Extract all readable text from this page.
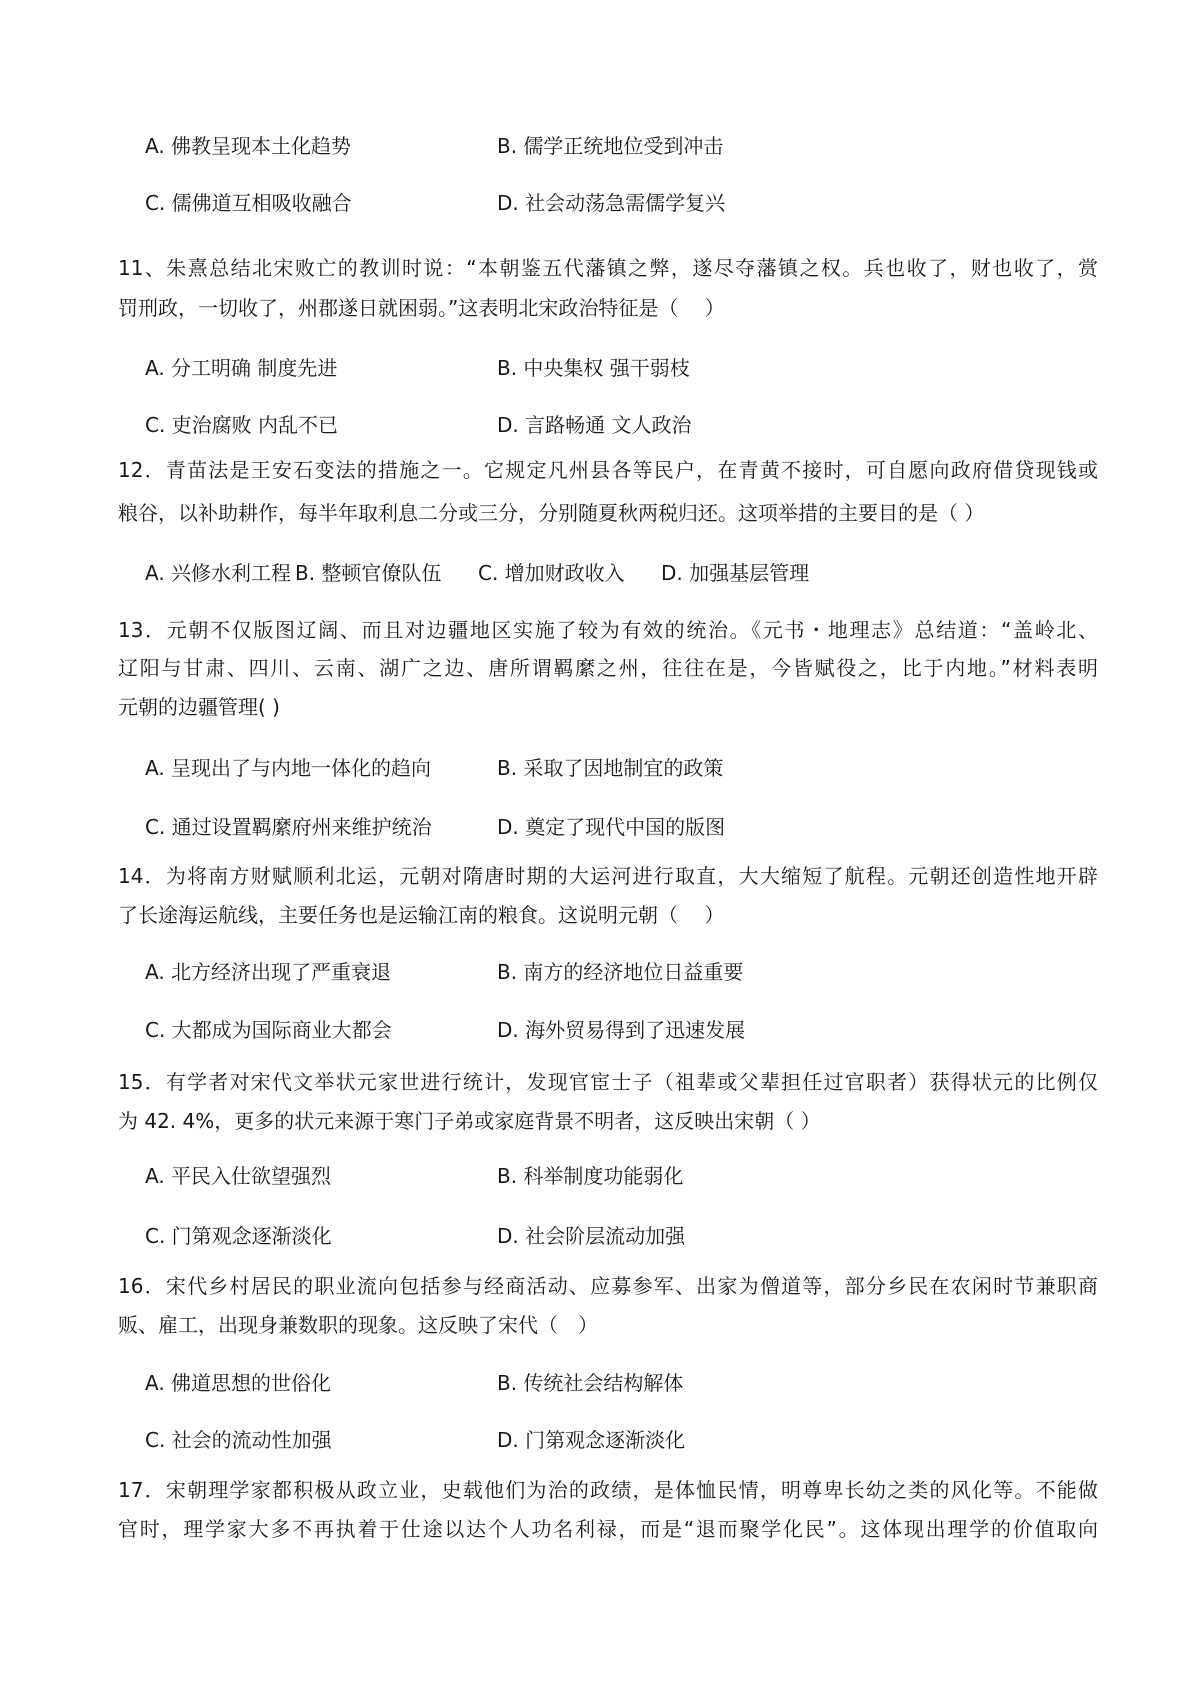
A. 佛教呈现本土化趋势	B. 儒学正统地位受到冲击
C. 儒佛道互相吸收融合	D. 社会动荡急需儒学复兴
11、朱熹总结北宋败亡的教训时说：“本朝鉴五代藩镇之弊，遂尽夺藩镇之权。兵也收了，财也收了，赏
罚刑政，一切收了，州郡遂日就困弱。”这表明北宋政治特征是（　 ）
A. 分工明确 制度先进	B. 中央集权 强干弱枝
C. 吏治腐败 内乱不已	D. 言路畅通 文人政治
12．青苗法是王安石变法的措施之一。它规定凡州县各等民户，在青黄不接时，可自愿向政府借贷现钱或
粮谷，以补助耕作，每半年取利息二分或三分，分别随夏秋两税归还。这项举措的主要目的是（ ）
A. 兴修水利工程 B. 整顿官僚队伍 C. 增加财政收入 D. 加强基层管理
13．元朝不仅版图辽阔、而且对边疆地区实施了较为有效的统治。《元书・地理志》总结道：“盖岭北、
辽阳与甘肃、四川、云南、湖广之边、唐所谓羁縻之州，往往在是，今皆赋役之，比于内地。”材料表明
元朝的边疆管理( )
A. 呈现出了与内地一体化的趋向	B. 采取了因地制宜的政策
C. 通过设置羁縻府州来维护统治	D. 奠定了现代中国的版图
14．为将南方财赋顺利北运，元朝对隋唐时期的大运河进行取直，大大缩短了航程。元朝还创造性地开辟
了长途海运航线，主要任务也是运输江南的粮食。这说明元朝（　 ）
A. 北方经济出现了严重衰退	B. 南方的经济地位日益重要
C. 大都成为国际商业大都会	D. 海外贸易得到了迅速发展
15．有学者对宋代文举状元家世进行统计，发现官宦士子（祖辈或父辈担任过官职者）获得状元的比例仅
为 42. 4%，更多的状元来源于寒门子弟或家庭背景不明者，这反映出宋朝（ ）
A. 平民入仕欲望强烈	B. 科举制度功能弱化
C. 门第观念逐渐淡化	D. 社会阶层流动加强
16．宋代乡村居民的职业流向包括参与经商活动、应募参军、出家为僧道等，部分乡民在农闲时节兼职商
贩、雇工，出现身兼数职的现象。这反映了宋代（　）
A. 佛道思想的世俗化	B. 传统社会结构解体
C. 社会的流动性加强	D. 门第观念逐渐淡化
17．宋朝理学家都积极从政立业，史载他们为治的政绩，是体恤民情，明尊卑长幼之类的风化等。不能做
官时，理学家大多不再执着于仕途以达个人功名利禄，而是“退而聚学化民”。这体现出理学的价值取向
